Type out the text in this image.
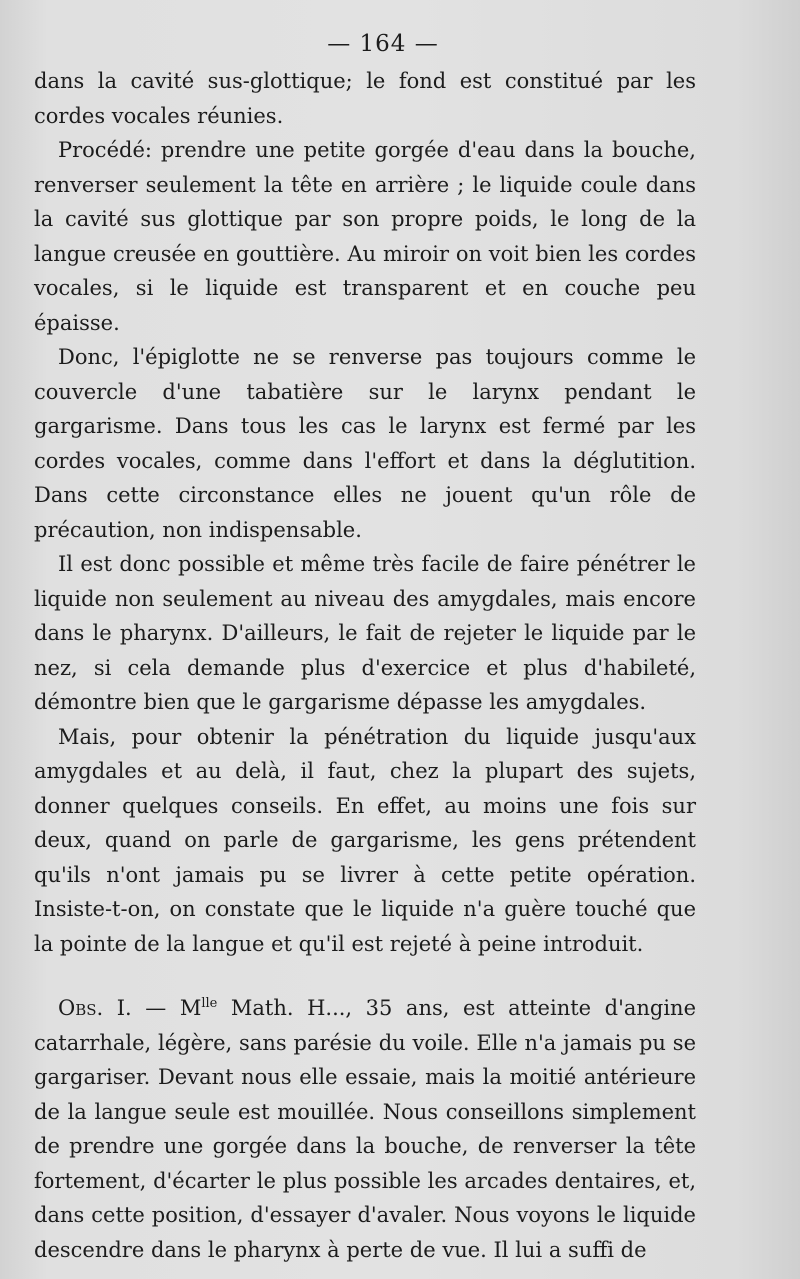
— 164 —

dans la cavité sus-glottique; le fond est constitué par les cordes vocales réunies.

Procédé: prendre une petite gorgée d'eau dans la bouche, renverser seulement la tête en arrière ; le liquide coule dans la cavité sus glottique par son propre poids, le long de la langue creusée en gouttière. Au miroir on voit bien les cordes vocales, si le liquide est transparent et en couche peu épaisse.

Donc, l'épiglotte ne se renverse pas toujours comme le couvercle d'une tabatière sur le larynx pendant le gargarisme. Dans tous les cas le larynx est fermé par les cordes vocales, comme dans l'effort et dans la déglutition. Dans cette circonstance elles ne jouent qu'un rôle de précaution, non indispensable.

Il est donc possible et même très facile de faire pénétrer le liquide non seulement au niveau des amygdales, mais encore dans le pharynx. D'ailleurs, le fait de rejeter le liquide par le nez, si cela demande plus d'exercice et plus d'habileté, démontre bien que le gargarisme dépasse les amygdales.

Mais, pour obtenir la pénétration du liquide jusqu'aux amygdales et au delà, il faut, chez la plupart des sujets, donner quelques conseils. En effet, au moins une fois sur deux, quand on parle de gargarisme, les gens prétendent qu'ils n'ont jamais pu se livrer à cette petite opération. Insiste-t-on, on constate que le liquide n'a guère touché que la pointe de la langue et qu'il est rejeté à peine introduit.

Obs. I. — $M^{lle}$ Math. H..., 35 ans, est atteinte d'angine catarrhale, légère, sans parésie du voile. Elle n'a jamais pu se gargariser. Devant nous elle essaie, mais la moitié antérieure de la langue seule est mouillée. Nous conseillons simplement de prendre une gorgée dans la bouche, de renverser la tête fortement, d'écarter le plus possible les arcades dentaires, et, dans cette position, d'essayer d'avaler. Nous voyons le liquide descendre dans le pharynx à perte de vue. Il lui a suffi de
